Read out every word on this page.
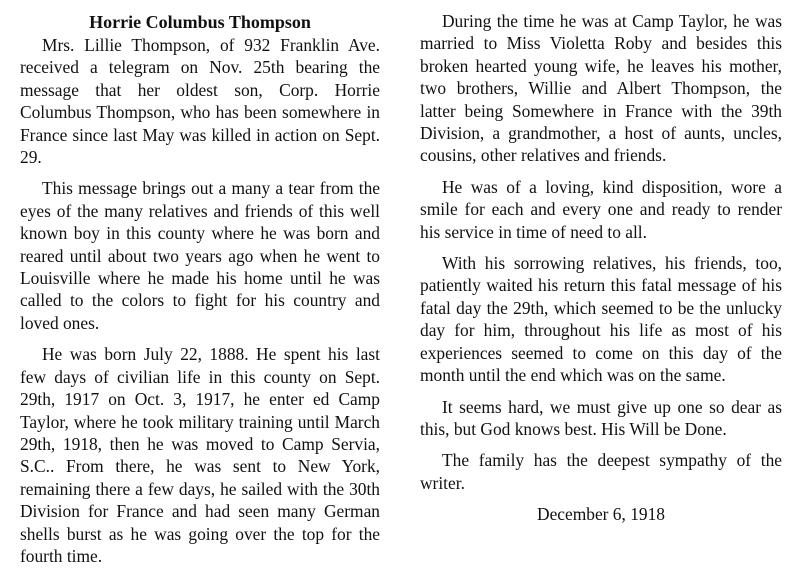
Horrie Columbus Thompson

Mrs. Lillie Thompson, of 932 Franklin Ave. received a telegram on Nov. 25th bearing the message that her oldest son, Corp. Horrie Columbus Thompson, who has been somewhere in France since last May was killed in action on Sept. 29.

This message brings out a many a tear from the eyes of the many relatives and friends of this well known boy in this county where he was born and reared until about two years ago when he went to Louisville where he made his home until he was called to the colors to fight for his country and loved ones.

He was born July 22, 1888. He spent his last few days of civilian life in this county on Sept. 29th, 1917 on Oct. 3, 1917, he enter ed Camp Taylor, where he took military training until March 29th, 1918, then he was moved to Camp Servia, S.C.. From there, he was sent to New York, remaining there a few days, he sailed with the 30th Division for France and had seen many German shells burst as he was going over the top for the fourth time.

During the time he was at Camp Taylor, he was married to Miss Violetta Roby and besides this broken hearted young wife, he leaves his mother, two brothers, Willie and Albert Thompson, the latter being Somewhere in France with the 39th Division, a grandmother, a host of aunts, uncles, cousins, other relatives and friends.

He was of a loving, kind disposition, wore a smile for each and every one and ready to render his service in time of need to all.

With his sorrowing relatives, his friends, too, patiently waited his return this fatal message of his fatal day the 29th, which seemed to be the unlucky day for him, throughout his life as most of his experiences seemed to come on this day of the month until the end which was on the same.

It seems hard, we must give up one so dear as this, but God knows best. His Will be Done.

The family has the deepest sympathy of the writer.

December 6, 1918
